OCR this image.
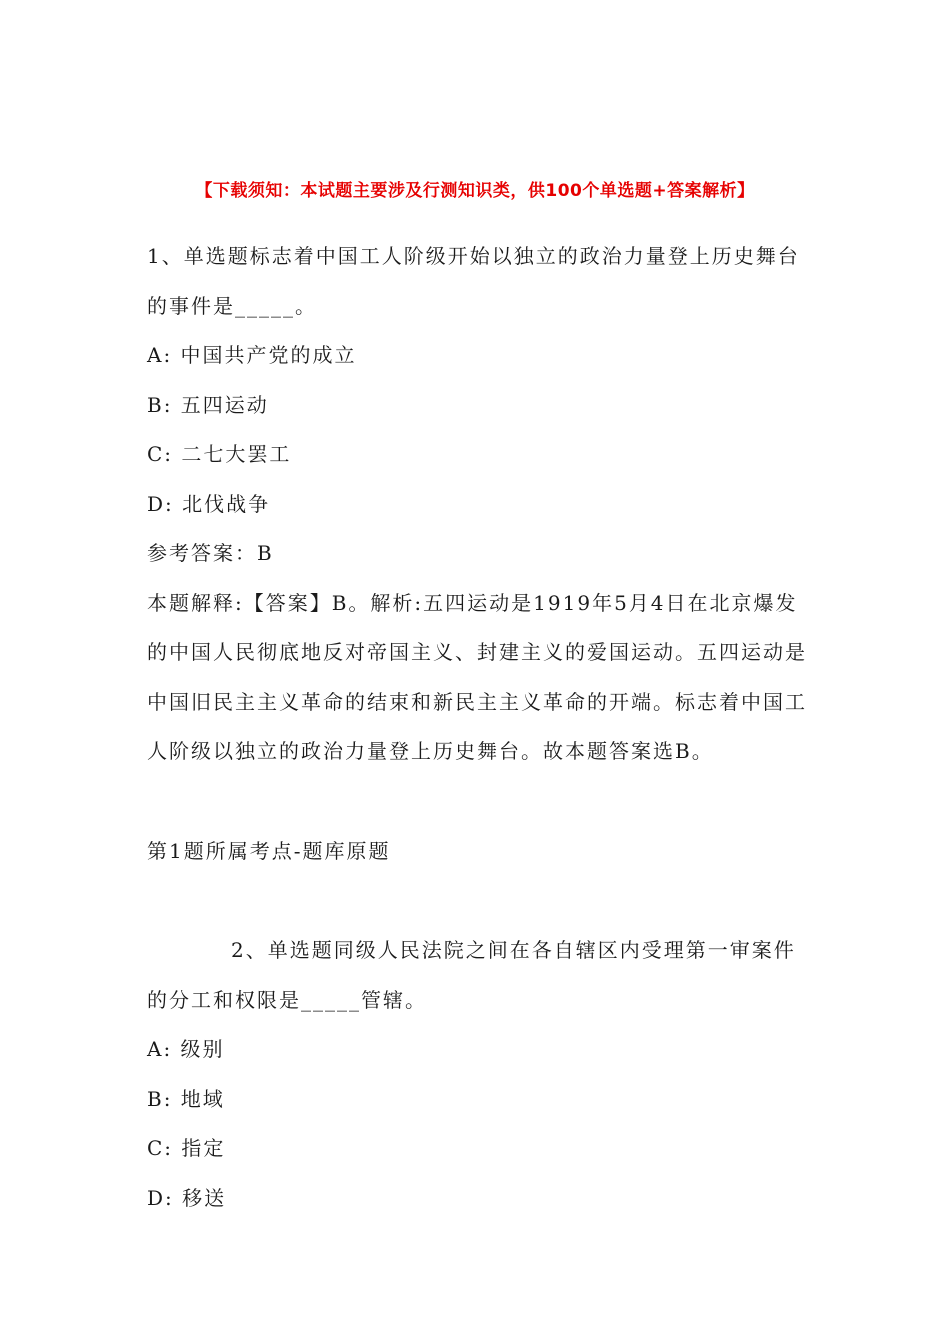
【下载须知：本试题主要涉及行测知识类，供100个单选题+答案解析】

1、单选题标志着中国工人阶级开始以独立的政治力量登上历史舞台的事件是_____。

A: 中国共产党的成立

B: 五四运动

C: 二七大罢工

D: 北伐战争

参考答案：B

本题解释:【答案】B。解析:五四运动是1919年5月4日在北京爆发的中国人民彻底地反对帝国主义、封建主义的爱国运动。五四运动是中国旧民主主义革命的结束和新民主主义革命的开端。标志着中国工人阶级以独立的政治力量登上历史舞台。故本题答案选B。

第1题所属考点-题库原题

2、单选题同级人民法院之间在各自辖区内受理第一审案件的分工和权限是_____管辖。

A: 级别

B: 地域

C: 指定

D: 移送
